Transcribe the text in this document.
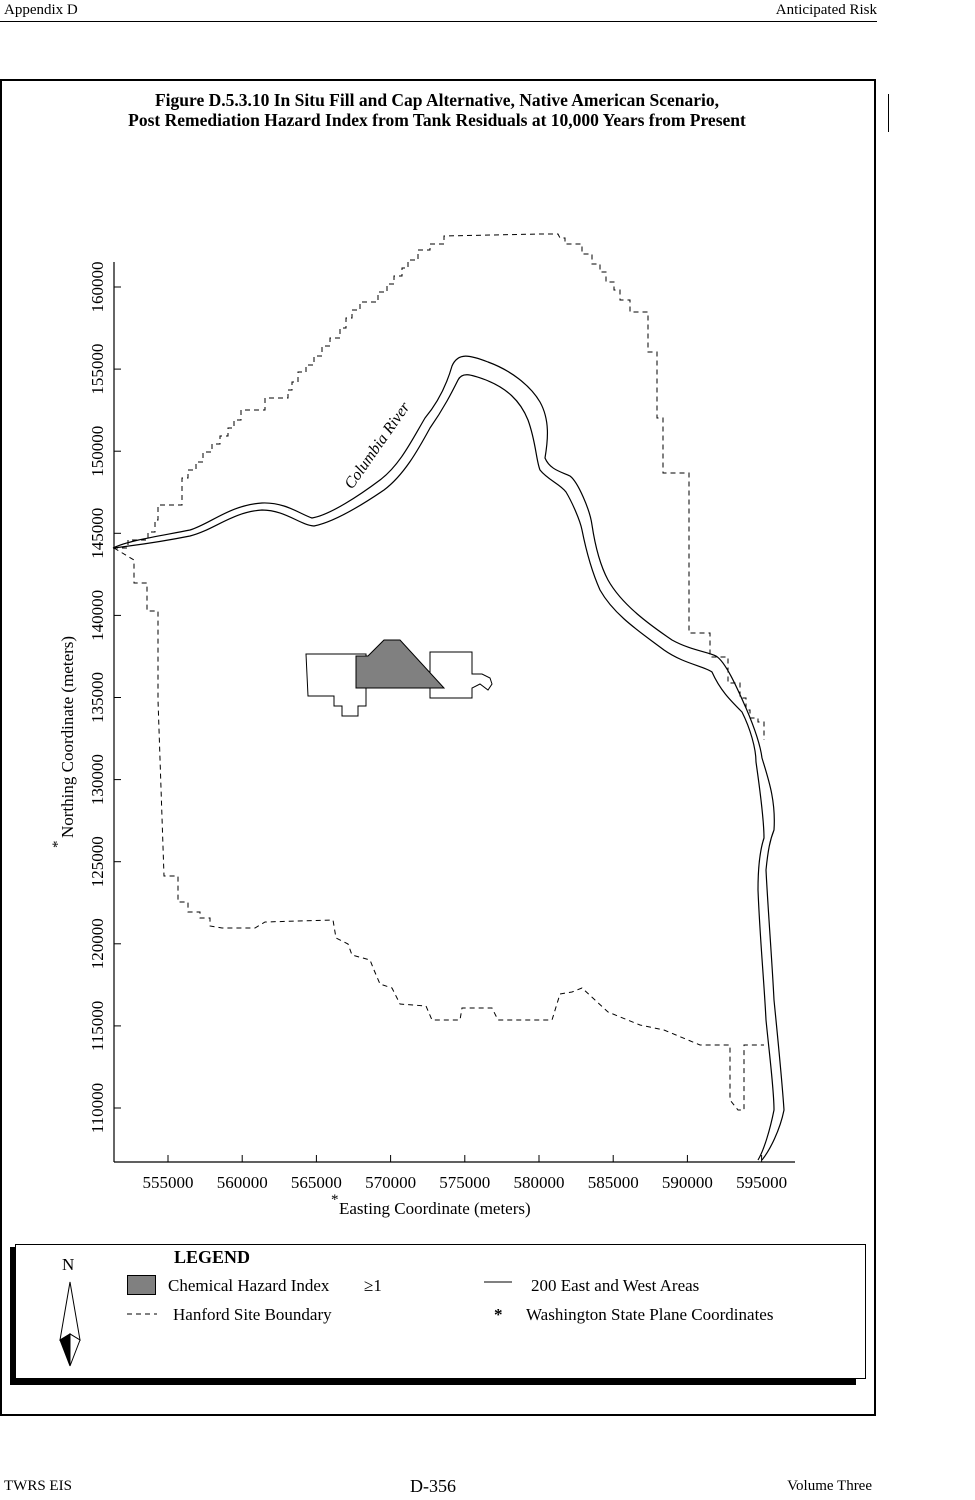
Appendix D	Anticipated Risk
Figure D.5.3.10 In Situ Fill and Cap Alternative, Native American Scenario,
Post Remediation Hazard Index from Tank Residuals at 10,000 Years from Present
555000 560000 565000 570000 575000 580000 585000 590000 595000
110000
115000
120000
125000
130000
135000
140000
145000
150000
155000
160000
Columbia River
* Easting Coordinate (meters)
Northing Coordinate (meters)
*
LEGEND
N
Chemical Hazard Index ≥1	200 East and West Areas
Hanford Site Boundary	* Washington State Plane Coordinates
TWRS EIS	D-356	Volume Three
